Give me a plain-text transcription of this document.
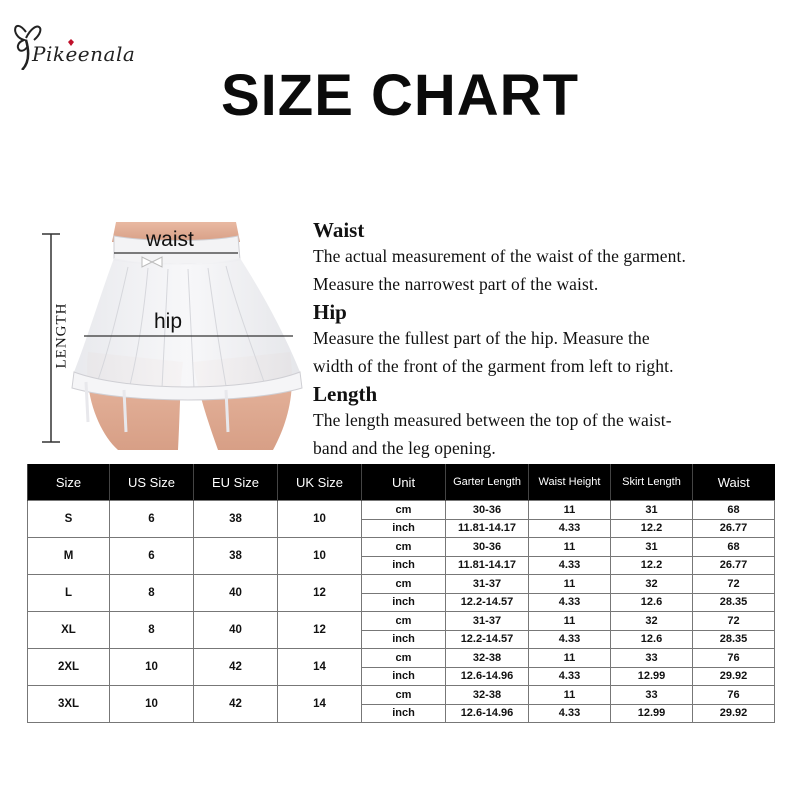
Pikeenala
SIZE CHART
LENGTH
waist
hip
Waist

The actual measurement of the waist of the garment.

Measure the narrowest part of the waist.

Hip

Measure the fullest part of the hip. Measure the

width of the front of the garment from left to right.

Length

The length measured between the top of the waist-

band and the leg opening.

Size	US Size	EU Size	UK Size	Unit	Garter Length	Waist Height	Skirt Length	Waist
S	6	38	10	cm	30-36	11	31	68
				inch	11.81-14.17	4.33	12.2	26.77
M	6	38	10	cm	30-36	11	31	68
				inch	11.81-14.17	4.33	12.2	26.77
L	8	40	12	cm	31-37	11	32	72
				inch	12.2-14.57	4.33	12.6	28.35
XL	8	40	12	cm	31-37	11	32	72
				inch	12.2-14.57	4.33	12.6	28.35
2XL	10	42	14	cm	32-38	11	33	76
				inch	12.6-14.96	4.33	12.99	29.92
3XL	10	42	14	cm	32-38	11	33	76
				inch	12.6-14.96	4.33	12.99	29.92
